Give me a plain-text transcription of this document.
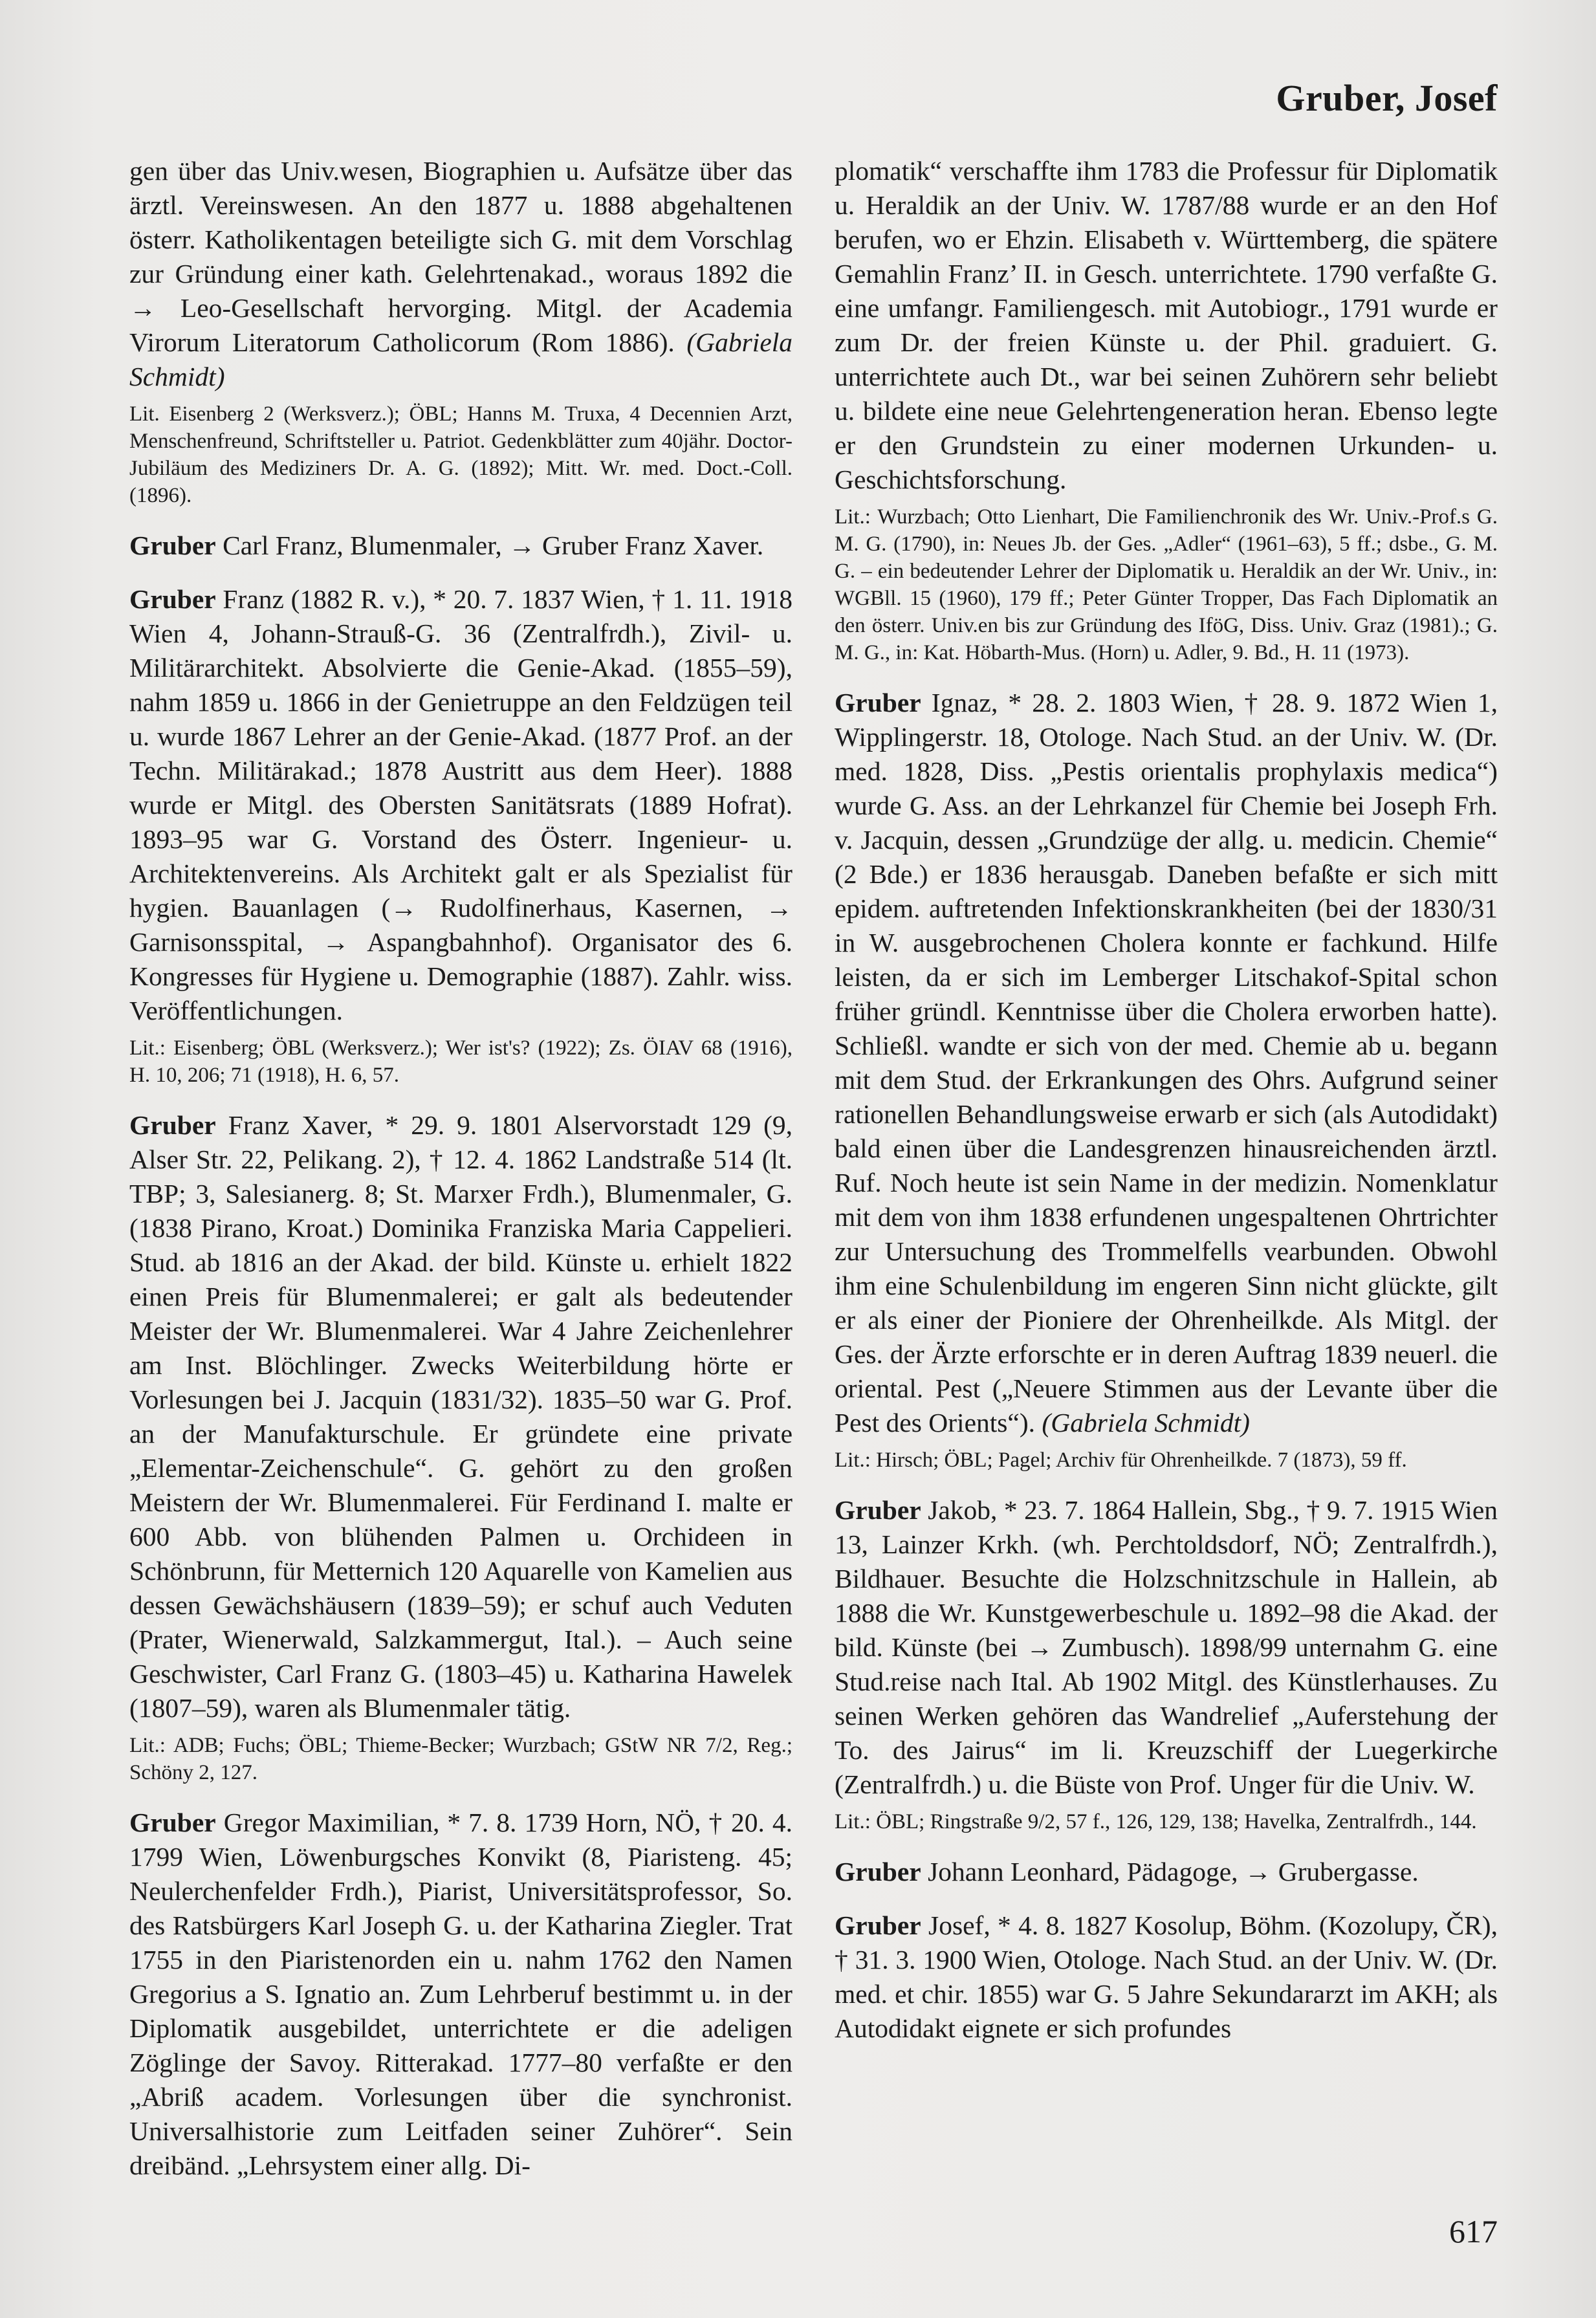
Gruber, Josef

gen über das Univ.wesen, Biographien u. Aufsätze über das ärztl. Vereinswesen. An den 1877 u. 1888 abgehaltenen österr. Katholikentagen beteiligte sich G. mit dem Vorschlag zur Gründung einer kath. Gelehrtenakad., woraus 1892 die → Leo-Gesellschaft hervorging. Mitgl. der Academia Virorum Literatorum Catholicorum (Rom 1886). (Gabriela Schmidt)

Lit. Eisenberg 2 (Werksverz.); ÖBL; Hanns M. Truxa, 4 Decennien Arzt, Menschenfreund, Schriftsteller u. Patriot. Gedenkblätter zum 40jähr. Doctor-Jubiläum des Mediziners Dr. A. G. (1892); Mitt. Wr. med. Doct.-Coll. (1896).

Gruber Carl Franz, Blumenmaler, → Gruber Franz Xaver.

Gruber Franz (1882 R. v.), * 20. 7. 1837 Wien, † 1. 11. 1918 Wien 4, Johann-Strauß-G. 36 (Zentralfrdh.), Zivil- u. Militärarchitekt. Absolvierte die Genie-Akad. (1855–59), nahm 1859 u. 1866 in der Genietruppe an den Feldzügen teil u. wurde 1867 Lehrer an der Genie-Akad. (1877 Prof. an der Techn. Militärakad.; 1878 Austritt aus dem Heer). 1888 wurde er Mitgl. des Obersten Sanitätsrats (1889 Hofrat). 1893–95 war G. Vorstand des Österr. Ingenieur- u. Architektenvereins. Als Architekt galt er als Spezialist für hygien. Bauanlagen (→ Rudolfinerhaus, Kasernen, → Garnisonsspital, → Aspangbahnhof). Organisator des 6. Kongresses für Hygiene u. Demographie (1887). Zahlr. wiss. Veröffentlichungen.

Lit.: Eisenberg; ÖBL (Werksverz.); Wer ist's? (1922); Zs. ÖIAV 68 (1916), H. 10, 206; 71 (1918), H. 6, 57.

Gruber Franz Xaver, * 29. 9. 1801 Alservorstadt 129 (9, Alser Str. 22, Pelikang. 2), † 12. 4. 1862 Landstraße 514 (lt. TBP; 3, Salesianerg. 8; St. Marxer Frdh.), Blumenmaler, G. (1838 Pirano, Kroat.) Dominika Franziska Maria Cappelieri. Stud. ab 1816 an der Akad. der bild. Künste u. erhielt 1822 einen Preis für Blumenmalerei; er galt als bedeutender Meister der Wr. Blumenmalerei. War 4 Jahre Zeichenlehrer am Inst. Blöchlinger. Zwecks Weiterbildung hörte er Vorlesungen bei J. Jacquin (1831/32). 1835–50 war G. Prof. an der Manufakturschule. Er gründete eine private „Elementar-Zeichenschule“. G. gehört zu den großen Meistern der Wr. Blumenmalerei. Für Ferdinand I. malte er 600 Abb. von blühenden Palmen u. Orchideen in Schönbrunn, für Metternich 120 Aquarelle von Kamelien aus dessen Gewächshäusern (1839–59); er schuf auch Veduten (Prater, Wienerwald, Salzkammergut, Ital.). – Auch seine Geschwister, Carl Franz G. (1803–45) u. Katharina Hawelek (1807–59), waren als Blumenmaler tätig.

Lit.: ADB; Fuchs; ÖBL; Thieme-Becker; Wurzbach; GStW NR 7/2, Reg.; Schöny 2, 127.

Gruber Gregor Maximilian, * 7. 8. 1739 Horn, NÖ, † 20. 4. 1799 Wien, Löwenburgsches Konvikt (8, Piaristeng. 45; Neulerchenfelder Frdh.), Piarist, Universitätsprofessor, So. des Ratsbürgers Karl Joseph G. u. der Katharina Ziegler. Trat 1755 in den Piaristenorden ein u. nahm 1762 den Namen Gregorius a S. Ignatio an. Zum Lehrberuf bestimmt u. in der Diplomatik ausgebildet, unterrichtete er die adeligen Zöglinge der Savoy. Ritterakad. 1777–80 verfaßte er den „Abriß academ. Vorlesungen über die synchronist. Universalhistorie zum Leitfaden seiner Zuhörer“. Sein dreibänd. „Lehrsystem einer allg. Di-

plomatik“ verschaffte ihm 1783 die Professur für Diplomatik u. Heraldik an der Univ. W. 1787/88 wurde er an den Hof berufen, wo er Ehzin. Elisabeth v. Württemberg, die spätere Gemahlin Franz’ II. in Gesch. unterrichtete. 1790 verfaßte G. eine umfangr. Familiengesch. mit Autobiogr., 1791 wurde er zum Dr. der freien Künste u. der Phil. graduiert. G. unterrichtete auch Dt., war bei seinen Zuhörern sehr beliebt u. bildete eine neue Gelehrtengeneration heran. Ebenso legte er den Grundstein zu einer modernen Urkunden- u. Geschichtsforschung.

Lit.: Wurzbach; Otto Lienhart, Die Familienchronik des Wr. Univ.-Prof.s G. M. G. (1790), in: Neues Jb. der Ges. „Adler“ (1961–63), 5 ff.; dsbe., G. M. G. – ein bedeutender Lehrer der Diplomatik u. Heraldik an der Wr. Univ., in: WGBll. 15 (1960), 179 ff.; Peter Günter Tropper, Das Fach Diplomatik an den österr. Univ.en bis zur Gründung des IföG, Diss. Univ. Graz (1981).; G. M. G., in: Kat. Höbarth-Mus. (Horn) u. Adler, 9. Bd., H. 11 (1973).

Gruber Ignaz, * 28. 2. 1803 Wien, † 28. 9. 1872 Wien 1, Wipplingerstr. 18, Otologe. Nach Stud. an der Univ. W. (Dr. med. 1828, Diss. „Pestis orientalis prophylaxis medica“) wurde G. Ass. an der Lehrkanzel für Chemie bei Joseph Frh. v. Jacquin, dessen „Grundzüge der allg. u. medicin. Chemie“ (2 Bde.) er 1836 herausgab. Daneben befaßte er sich mitt epidem. auftretenden Infektionskrankheiten (bei der 1830/31 in W. ausgebrochenen Cholera konnte er fachkund. Hilfe leisten, da er sich im Lemberger Litschakof-Spital schon früher gründl. Kenntnisse über die Cholera erworben hatte). Schließl. wandte er sich von der med. Chemie ab u. begann mit dem Stud. der Erkrankungen des Ohrs. Aufgrund seiner rationellen Behandlungsweise erwarb er sich (als Autodidakt) bald einen über die Landesgrenzen hinausreichenden ärztl. Ruf. Noch heute ist sein Name in der medizin. Nomenklatur mit dem von ihm 1838 erfundenen ungespaltenen Ohrtrichter zur Untersuchung des Trommelfells vearbunden. Obwohl ihm eine Schulenbildung im engeren Sinn nicht glückte, gilt er als einer der Pioniere der Ohrenheilkde. Als Mitgl. der Ges. der Ärzte erforschte er in deren Auftrag 1839 neuerl. die oriental. Pest („Neuere Stimmen aus der Levante über die Pest des Orients“). (Gabriela Schmidt)

Lit.: Hirsch; ÖBL; Pagel; Archiv für Ohrenheilkde. 7 (1873), 59 ff.

Gruber Jakob, * 23. 7. 1864 Hallein, Sbg., † 9. 7. 1915 Wien 13, Lainzer Krkh. (wh. Perchtoldsdorf, NÖ; Zentralfrdh.), Bildhauer. Besuchte die Holzschnitzschule in Hallein, ab 1888 die Wr. Kunstgewerbeschule u. 1892–98 die Akad. der bild. Künste (bei → Zumbusch). 1898/99 unternahm G. eine Stud.reise nach Ital. Ab 1902 Mitgl. des Künstlerhauses. Zu seinen Werken gehören das Wandrelief „Auferstehung der To. des Jairus“ im li. Kreuzschiff der Luegerkirche (Zentralfrdh.) u. die Büste von Prof. Unger für die Univ. W.

Lit.: ÖBL; Ringstraße 9/2, 57 f., 126, 129, 138; Havelka, Zentralfrdh., 144.

Gruber Johann Leonhard, Pädagoge, → Grubergasse.

Gruber Josef, * 4. 8. 1827 Kosolup, Böhm. (Kozolupy, ČR), † 31. 3. 1900 Wien, Otologe. Nach Stud. an der Univ. W. (Dr. med. et chir. 1855) war G. 5 Jahre Sekundararzt im AKH; als Autodidakt eignete er sich profundes

617
